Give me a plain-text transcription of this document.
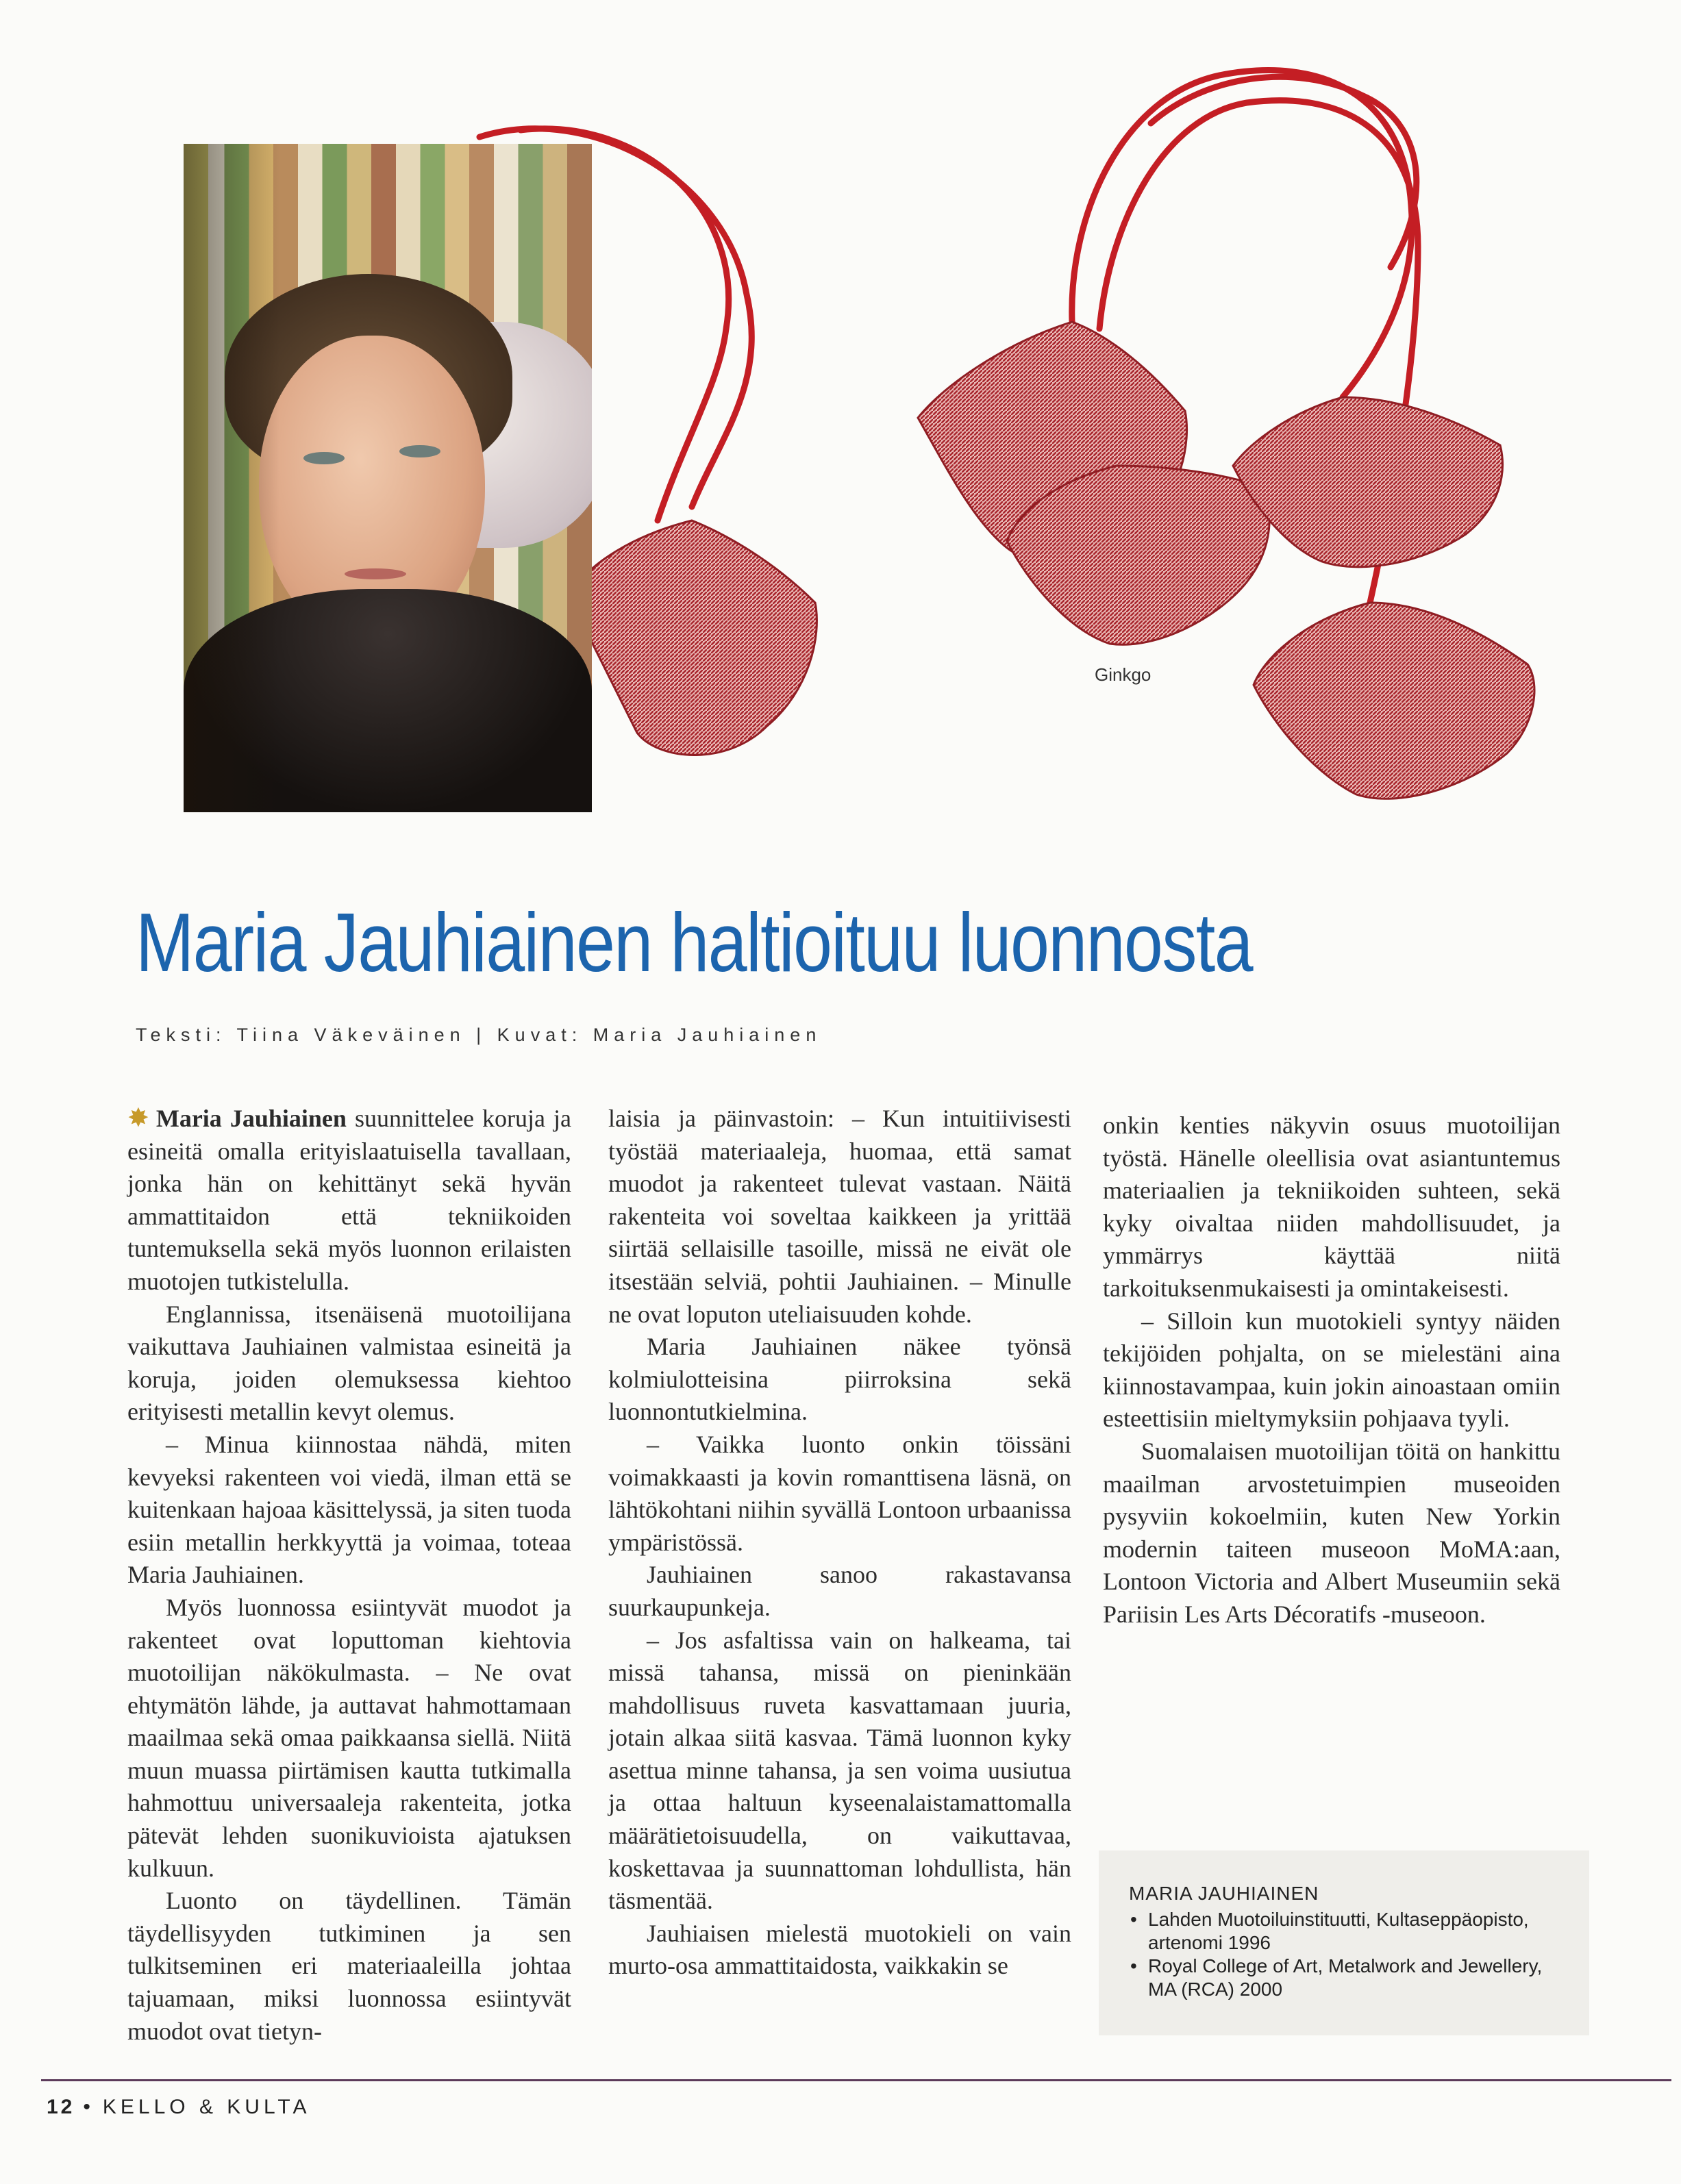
Ginkgo
Maria Jauhiainen haltioituu luonnosta
Teksti: Tiina Väkeväinen | Kuvat: Maria Jauhiainen

✸ Maria Jauhiainen suunnittelee koruja ja esineitä omalla erityislaatuisella tavallaan, jonka hän on kehittänyt sekä hyvän ammattitaidon että tekniikoiden tuntemuksella sekä myös luonnon erilaisten muotojen tutkistelulla.

Englannissa, itsenäisenä muotoilijana vaikuttava Jauhiainen valmistaa esineitä ja koruja, joiden olemuksessa kiehtoo erityisesti metallin kevyt olemus.

– Minua kiinnostaa nähdä, miten kevyeksi rakenteen voi viedä, ilman että se kuitenkaan hajoaa käsittelyssä, ja siten tuoda esiin metallin herkkyyttä ja voimaa, toteaa Maria Jauhiainen.

Myös luonnossa esiintyvät muodot ja rakenteet ovat loputtoman kiehtovia muotoilijan näkökulmasta. – Ne ovat ehtymätön lähde, ja auttavat hahmottamaan maailmaa sekä omaa paikkaansa siellä. Niitä muun muassa piirtämisen kautta tutkimalla hahmottuu universaaleja rakenteita, jotka pätevät lehden suonikuvioista ajatuksen kulkuun.

Luonto on täydellinen. Tämän täydellisyyden tutkiminen ja sen tulkitseminen eri materiaaleilla johtaa tajuamaan, miksi luonnossa esiintyvät muodot ovat tietyn-

laisia ja päinvastoin: – Kun intuitiivisesti työstää materiaaleja, huomaa, että samat muodot ja rakenteet tulevat vastaan. Näitä rakenteita voi soveltaa kaikkeen ja yrittää siirtää sellaisille tasoille, missä ne eivät ole itsestään selviä, pohtii Jauhiainen. – Minulle ne ovat loputon uteliaisuuden kohde.

Maria Jauhiainen näkee työnsä kolmiulotteisina piirroksina sekä luonnontutkielmina.

– Vaikka luonto onkin töissäni voimakkaasti ja kovin romanttisena läsnä, on lähtökohtani niihin syvällä Lontoon urbaanissa ympäristössä.

Jauhiainen sanoo rakastavansa suurkaupunkeja.

– Jos asfaltissa vain on halkeama, tai missä tahansa, missä on pieninkään mahdollisuus ruveta kasvattamaan juuria, jotain alkaa siitä kasvaa. Tämä luonnon kyky asettua minne tahansa, ja sen voima uusiutua ja ottaa haltuun kyseenalaistamattomalla määrätietoisuudella, on vaikuttavaa, koskettavaa ja suunnattoman lohdullista, hän täsmentää.

Jauhiaisen mielestä muotokieli on vain murto-osa ammattitaidosta, vaikkakin se

onkin kenties näkyvin osuus muotoilijan työstä. Hänelle oleellisia ovat asiantuntemus materiaalien ja tekniikoiden suhteen, sekä kyky oivaltaa niiden mahdollisuudet, ja ymmärrys käyttää niitä tarkoituksenmukaisesti ja omintakeisesti.

– Silloin kun muotokieli syntyy näiden tekijöiden pohjalta, on se mielestäni aina kiinnostavampaa, kuin jokin ainoastaan omiin esteettisiin mieltymyksiin pohjaava tyyli.

Suomalaisen muotoilijan töitä on hankittu maailman arvostetuimpien museoiden pysyviin kokoelmiin, kuten New Yorkin modernin taiteen museoon MoMA:aan, Lontoon Victoria and Albert Museumiin sekä Pariisin Les Arts Décoratifs -museoon.

MARIA JAUHIAINEN
• Lahden Muotoiluinstituutti, Kultaseppäopisto, artenomi 1996
• Royal College of Art, Metalwork and Jewellery, MA (RCA) 2000
12 • KELLO & KULTA
